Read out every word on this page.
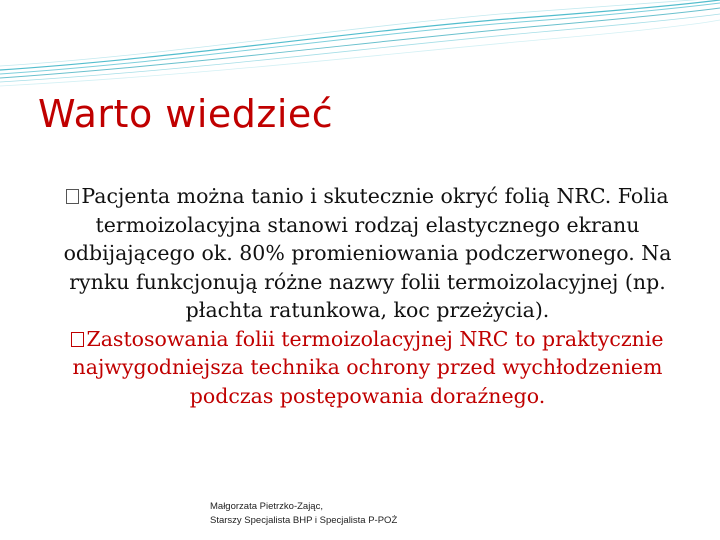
Warto wiedzieć

Pacjenta można tanio i skutecznie okryć folią NRC. Folia termoizolacyjna stanowi rodzaj elastycznego ekranu odbijającego ok. 80% promieniowania podczerwonego. Na rynku funkcjonują różne nazwy folii termoizolacyjnej (np. płachta ratunkowa, koc przeżycia).

Zastosowania folii termoizolacyjnej NRC to praktycznie najwygodniejsza technika ochrony przed wychłodzeniem podczas postępowania doraźnego.

Małgorzata Pietrzko-Zając,
Starszy Specjalista BHP i Specjalista P-POŻ
